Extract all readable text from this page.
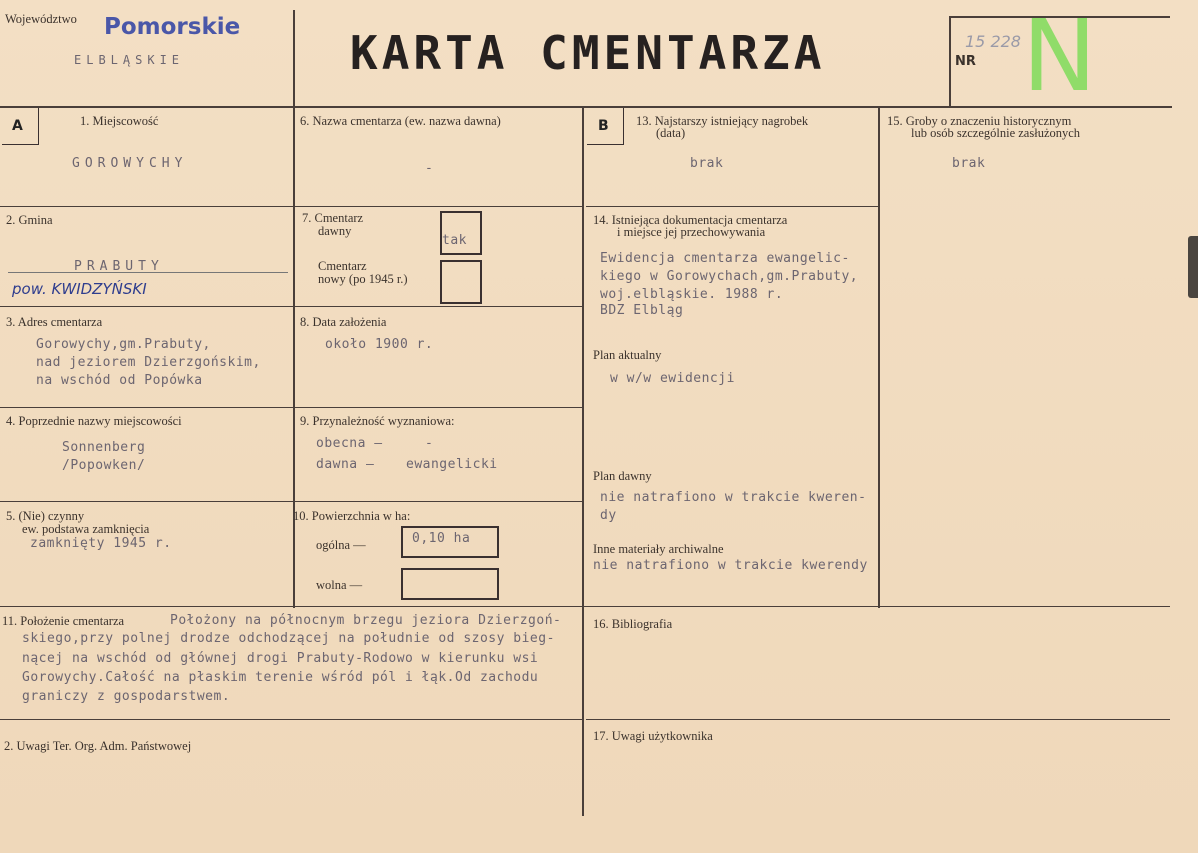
Województwo Pomorskie
ELBLĄSKIE	KARTA CMENTARZA	NR
15 228 N
A	B
1. Miejscowość
GOROWYCHY
2. Gmina
PRABUTY
pow. KWIDZYŃSKI
3. Adres cmentarza
Gorowychy,gm.Prabuty,
nad jeziorem Dzierzgońskim,
na wschód od Popówka
4. Poprzednie nazwy miejscowości
Sonnenberg
/Popowken/
5. (Nie) czynny
ew. podstawa zamknięcia
zamknięty 1945 r.
6. Nazwa cmentarza (ew. nazwa dawna)
-
7. Cmentarz
dawny
tak
Cmentarz
nowy (po 1945 r.)
8. Data założenia
około 1900 r.
9. Przynależność wyznaniowa:
obecna —	-
dawna — ewangelicki
10. Powierzchnia w ha:
ogólna —	0,10 ha
wolna —
11. Położenie cmentarza	Położony na północnym brzegu jeziora Dzierzgoń-
skiego,przy polnej drodze odchodzącej na południe od szosy bieg-
nącej na wschód od głównej drogi Prabuty-Rodowo w kierunku wsi
Gorowychy.Całość na płaskim terenie wśród pól i łąk.Od zachodu
graniczy z gospodarstwem.
2. Uwagi Ter. Org. Adm. Państwowej
13. Najstarszy istniejący nagrobek
(data)
brak
14. Istniejąca dokumentacja cmentarza
i miejsce jej przechowywania
Ewidencja cmentarza ewangelic-
kiego w Gorowychach,gm.Prabuty,
woj.elbląskie. 1988 r.
BDZ Elbląg
Plan aktualny
w w/w ewidencji
Plan dawny
nie natrafiono w trakcie kweren-
dy
Inne materiały archiwalne
nie natrafiono w trakcie kwerendy
15. Groby o znaczeniu historycznym
lub osób szczególnie zasłużonych
brak
16. Bibliografia
17. Uwagi użytkownika
